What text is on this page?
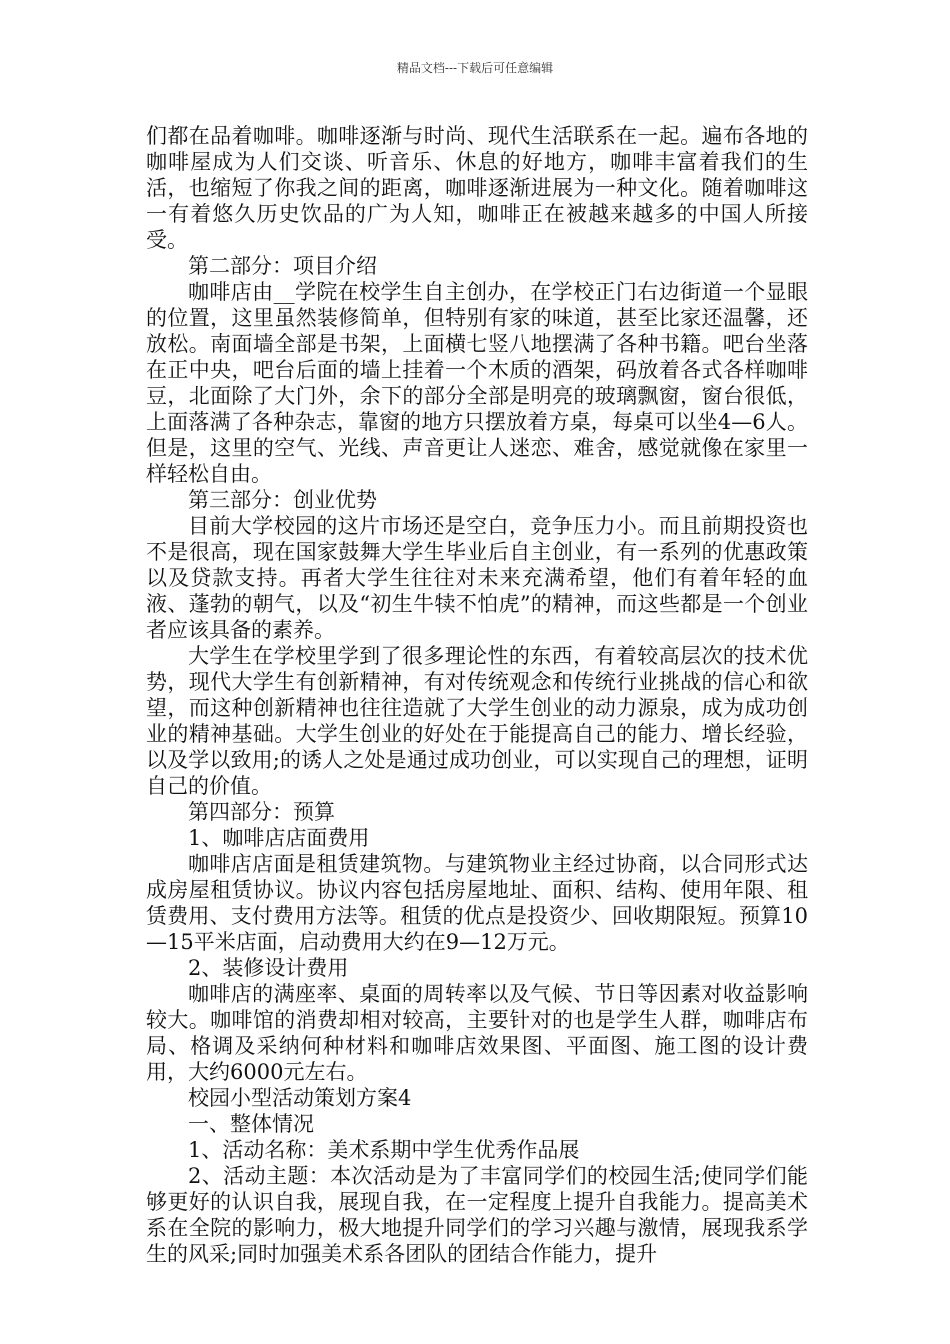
精品文档---下载后可任意编辑

们都在品着咖啡。咖啡逐渐与时尚、现代生活联系在一起。遍布各地的咖啡屋成为人们交谈、听音乐、休息的好地方，咖啡丰富着我们的生活，也缩短了你我之间的距离，咖啡逐渐进展为一种文化。随着咖啡这一有着悠久历史饮品的广为人知，咖啡正在被越来越多的中国人所接受。

第二部分：项目介绍

咖啡店由__学院在校学生自主创办，在学校正门右边街道一个显眼的位置，这里虽然装修简单，但特别有家的味道，甚至比家还温馨，还放松。南面墙全部是书架，上面横七竖八地摆满了各种书籍。吧台坐落在正中央，吧台后面的墙上挂着一个木质的酒架，码放着各式各样咖啡豆，北面除了大门外，余下的部分全部是明亮的玻璃飘窗，窗台很低，上面落满了各种杂志，靠窗的地方只摆放着方桌，每桌可以坐4—6人。但是，这里的空气、光线、声音更让人迷恋、难舍，感觉就像在家里一样轻松自由。

第三部分：创业优势

目前大学校园的这片市场还是空白，竞争压力小。而且前期投资也不是很高，现在国家鼓舞大学生毕业后自主创业，有一系列的优惠政策以及贷款支持。再者大学生往往对未来充满希望，他们有着年轻的血液、蓬勃的朝气，以及“初生牛犊不怕虎”的精神，而这些都是一个创业者应该具备的素养。

大学生在学校里学到了很多理论性的东西，有着较高层次的技术优势，现代大学生有创新精神，有对传统观念和传统行业挑战的信心和欲望，而这种创新精神也往往造就了大学生创业的动力源泉，成为成功创业的精神基础。大学生创业的好处在于能提高自己的能力、增长经验，以及学以致用;的诱人之处是通过成功创业，可以实现自己的理想，证明自己的价值。

第四部分：预算

1、咖啡店店面费用

咖啡店店面是租赁建筑物。与建筑物业主经过协商，以合同形式达成房屋租赁协议。协议内容包括房屋地址、面积、结构、使用年限、租赁费用、支付费用方法等。租赁的优点是投资少、回收期限短。预算10—15平米店面，启动费用大约在9—12万元。

2、装修设计费用

咖啡店的满座率、桌面的周转率以及气候、节日等因素对收益影响较大。咖啡馆的消费却相对较高，主要针对的也是学生人群，咖啡店布局、格调及采纳何种材料和咖啡店效果图、平面图、施工图的设计费用，大约6000元左右。

校园小型活动策划方案4

一、整体情况

1、活动名称：美术系期中学生优秀作品展

2、活动主题：本次活动是为了丰富同学们的校园生活;使同学们能够更好的认识自我，展现自我，在一定程度上提升自我能力。提高美术系在全院的影响力，极大地提升同学们的学习兴趣与激情，展现我系学生的风采;同时加强美术系各团队的团结合作能力，提升
